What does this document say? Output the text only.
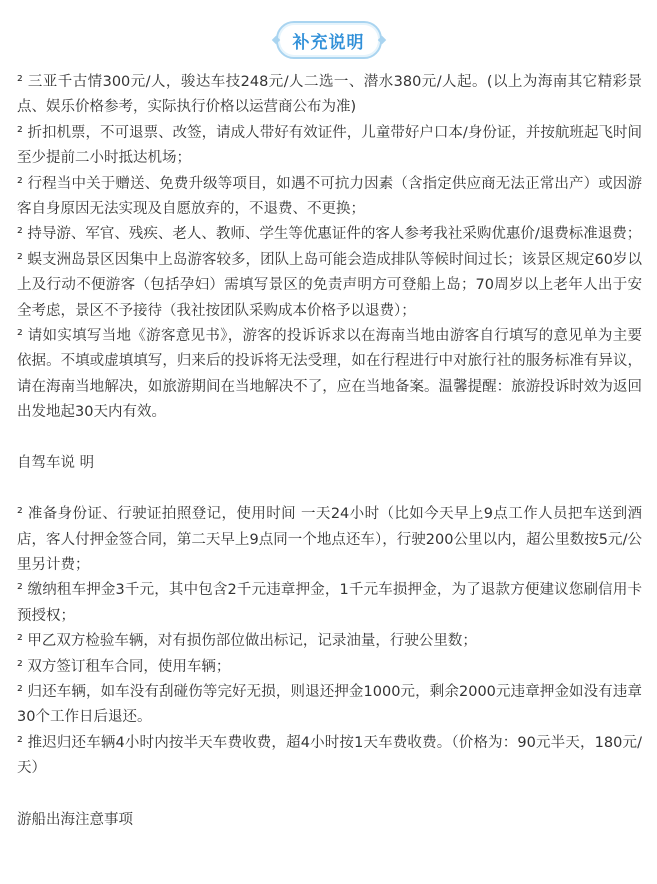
补充说明

² 三亚千古情300元/人，骏达车技248元/人二选一、潜水380元/人起。(以上为海南其它精彩景点、娱乐价格参考，实际执行价格以运营商公布为准)

² 折扣机票，不可退票、改签，请成人带好有效证件，儿童带好户口本/身份证，并按航班起飞时间至少提前二小时抵达机场；

² 行程当中关于赠送、免费升级等项目，如遇不可抗力因素（含指定供应商无法正常出产）或因游客自身原因无法实现及自愿放弃的，不退费、不更换；

² 持导游、军官、残疾、老人、教师、学生等优惠证件的客人参考我社采购优惠价/退费标准退费；

² 蜈支洲岛景区因集中上岛游客较多，团队上岛可能会造成排队等候时间过长；该景区规定60岁以上及行动不便游客（包括孕妇）需填写景区的免责声明方可登船上岛；70周岁以上老年人出于安全考虑，景区不予接待（我社按团队采购成本价格予以退费）；

² 请如实填写当地《游客意见书》，游客的投诉诉求以在海南当地由游客自行填写的意见单为主要依据。不填或虚填填写，归来后的投诉将无法受理，如在行程进行中对旅行社的服务标准有异议，请在海南当地解决，如旅游期间在当地解决不了，应在当地备案。温馨提醒：旅游投诉时效为返回出发地起30天内有效。

自驾车说 明

² 准备身份证、行驶证拍照登记，使用时间 一天24小时（比如今天早上9点工作人员把车送到酒店，客人付押金签合同，第二天早上9点同一个地点还车），行驶200公里以内，超公里数按5元/公里另计费；

² 缴纳租车押金3千元，其中包含2千元违章押金，1千元车损押金，为了退款方便建议您刷信用卡预授权；

² 甲乙双方检验车辆，对有损伤部位做出标记，记录油量，行驶公里数；

² 双方签订租车合同，使用车辆；

² 归还车辆，如车没有刮碰伤等完好无损，则退还押金1000元，剩余2000元违章押金如没有违章30个工作日后退还。

² 推迟归还车辆4小时内按半天车费收费，超4小时按1天车费收费。（价格为：90元半天，180元/天）

游船出海注意事项
